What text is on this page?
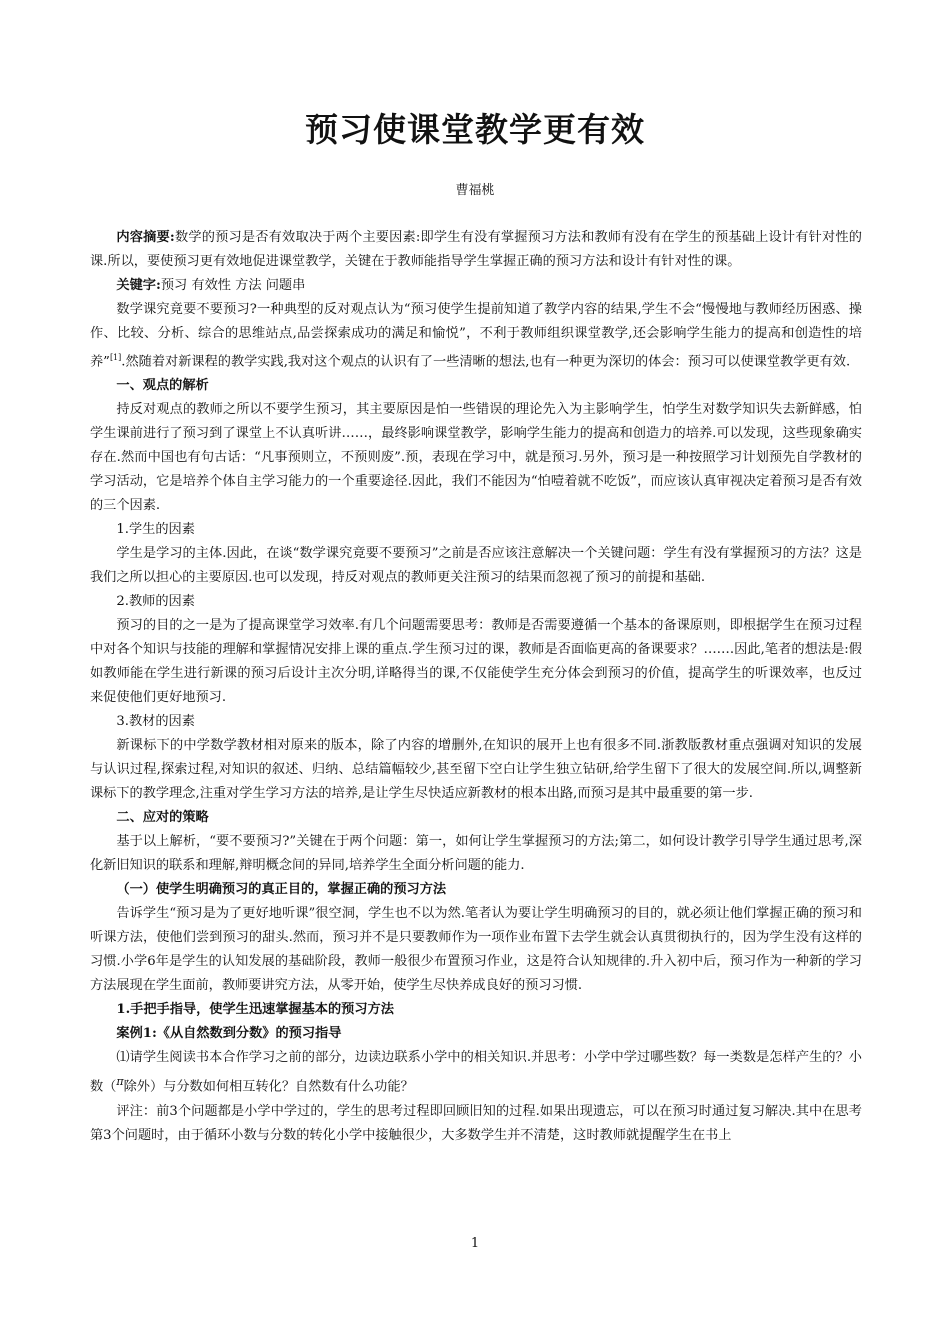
预习使课堂教学更有效
曹福桃

内容摘要:数学的预习是否有效取决于两个主要因素:即学生有没有掌握预习方法和教师有没有在学生的预基础上设计有针对性的课.所以，要使预习更有效地促进课堂教学，关键在于教师能指导学生掌握正确的预习方法和设计有针对性的课。

关键字:预习 有效性 方法 问题串

数学课究竟要不要预习?一种典型的反对观点认为“预习使学生提前知道了教学内容的结果,学生不会“慢慢地与教师经历困惑、操作、比较、分析、综合的思维站点,品尝探索成功的满足和愉悦”，不利于教师组织课堂教学,还会影响学生能力的提高和创造性的培养”[1].然随着对新课程的教学实践,我对这个观点的认识有了一些清晰的想法,也有一种更为深切的体会：预习可以使课堂教学更有效.

一、观点的解析

持反对观点的教师之所以不要学生预习，其主要原因是怕一些错误的理论先入为主影响学生，怕学生对数学知识失去新鲜感，怕学生课前进行了预习到了课堂上不认真听讲……，最终影响课堂教学，影响学生能力的提高和创造力的培养.可以发现，这些现象确实存在.然而中国也有句古话：“凡事预则立，不预则废”.预，表现在学习中，就是预习.另外，预习是一种按照学习计划预先自学教材的学习活动，它是培养个体自主学习能力的一个重要途径.因此，我们不能因为“怕噎着就不吃饭”，而应该认真审视决定着预习是否有效的三个因素.

1.学生的因素

学生是学习的主体.因此，在谈“数学课究竟要不要预习”之前是否应该注意解决一个关键问题：学生有没有掌握预习的方法？这是我们之所以担心的主要原因.也可以发现，持反对观点的教师更关注预习的结果而忽视了预习的前提和基础.

2.教师的因素

预习的目的之一是为了提高课堂学习效率.有几个问题需要思考：教师是否需要遵循一个基本的备课原则，即根据学生在预习过程中对各个知识与技能的理解和掌握情况安排上课的重点.学生预习过的课，教师是否面临更高的备课要求？…….因此,笔者的想法是:假如教师能在学生进行新课的预习后设计主次分明,详略得当的课,不仅能使学生充分体会到预习的价值，提高学生的听课效率，也反过来促使他们更好地预习.

3.教材的因素

新课标下的中学数学教材相对原来的版本，除了内容的增删外,在知识的展开上也有很多不同.浙教版教材重点强调对知识的发展与认识过程,探索过程,对知识的叙述、归纳、总结篇幅较少,甚至留下空白让学生独立钻研,给学生留下了很大的发展空间.所以,调整新课标下的教学理念,注重对学生学习方法的培养,是让学生尽快适应新教材的根本出路,而预习是其中最重要的第一步.

二、应对的策略

基于以上解析，“要不要预习?”关键在于两个问题：第一，如何让学生掌握预习的方法;第二，如何设计教学引导学生通过思考,深化新旧知识的联系和理解,辩明概念间的异同,培养学生全面分析问题的能力.

（一）使学生明确预习的真正目的，掌握正确的预习方法

告诉学生“预习是为了更好地听课”很空洞，学生也不以为然.笔者认为要让学生明确预习的目的，就必须让他们掌握正确的预习和听课方法，使他们尝到预习的甜头.然而，预习并不是只要教师作为一项作业布置下去学生就会认真贯彻执行的，因为学生没有这样的习惯.小学6年是学生的认知发展的基础阶段，教师一般很少布置预习作业，这是符合认知规律的.升入初中后，预习作为一种新的学习方法展现在学生面前，教师要讲究方法，从零开始，使学生尽快养成良好的预习习惯.

1.手把手指导，使学生迅速掌握基本的预习方法

案例1:《从自然数到分数》的预习指导

⑴请学生阅读书本合作学习之前的部分，边读边联系小学中的相关知识.并思考：小学中学过哪些数？每一类数是怎样产生的？小数（$^\pi$除外）与分数如何相互转化？自然数有什么功能？

评注：前3个问题都是小学中学过的，学生的思考过程即回顾旧知的过程.如果出现遗忘，可以在预习时通过复习解决.其中在思考第3个问题时，由于循环小数与分数的转化小学中接触很少，大多数学生并不清楚，这时教师就提醒学生在书上

1
